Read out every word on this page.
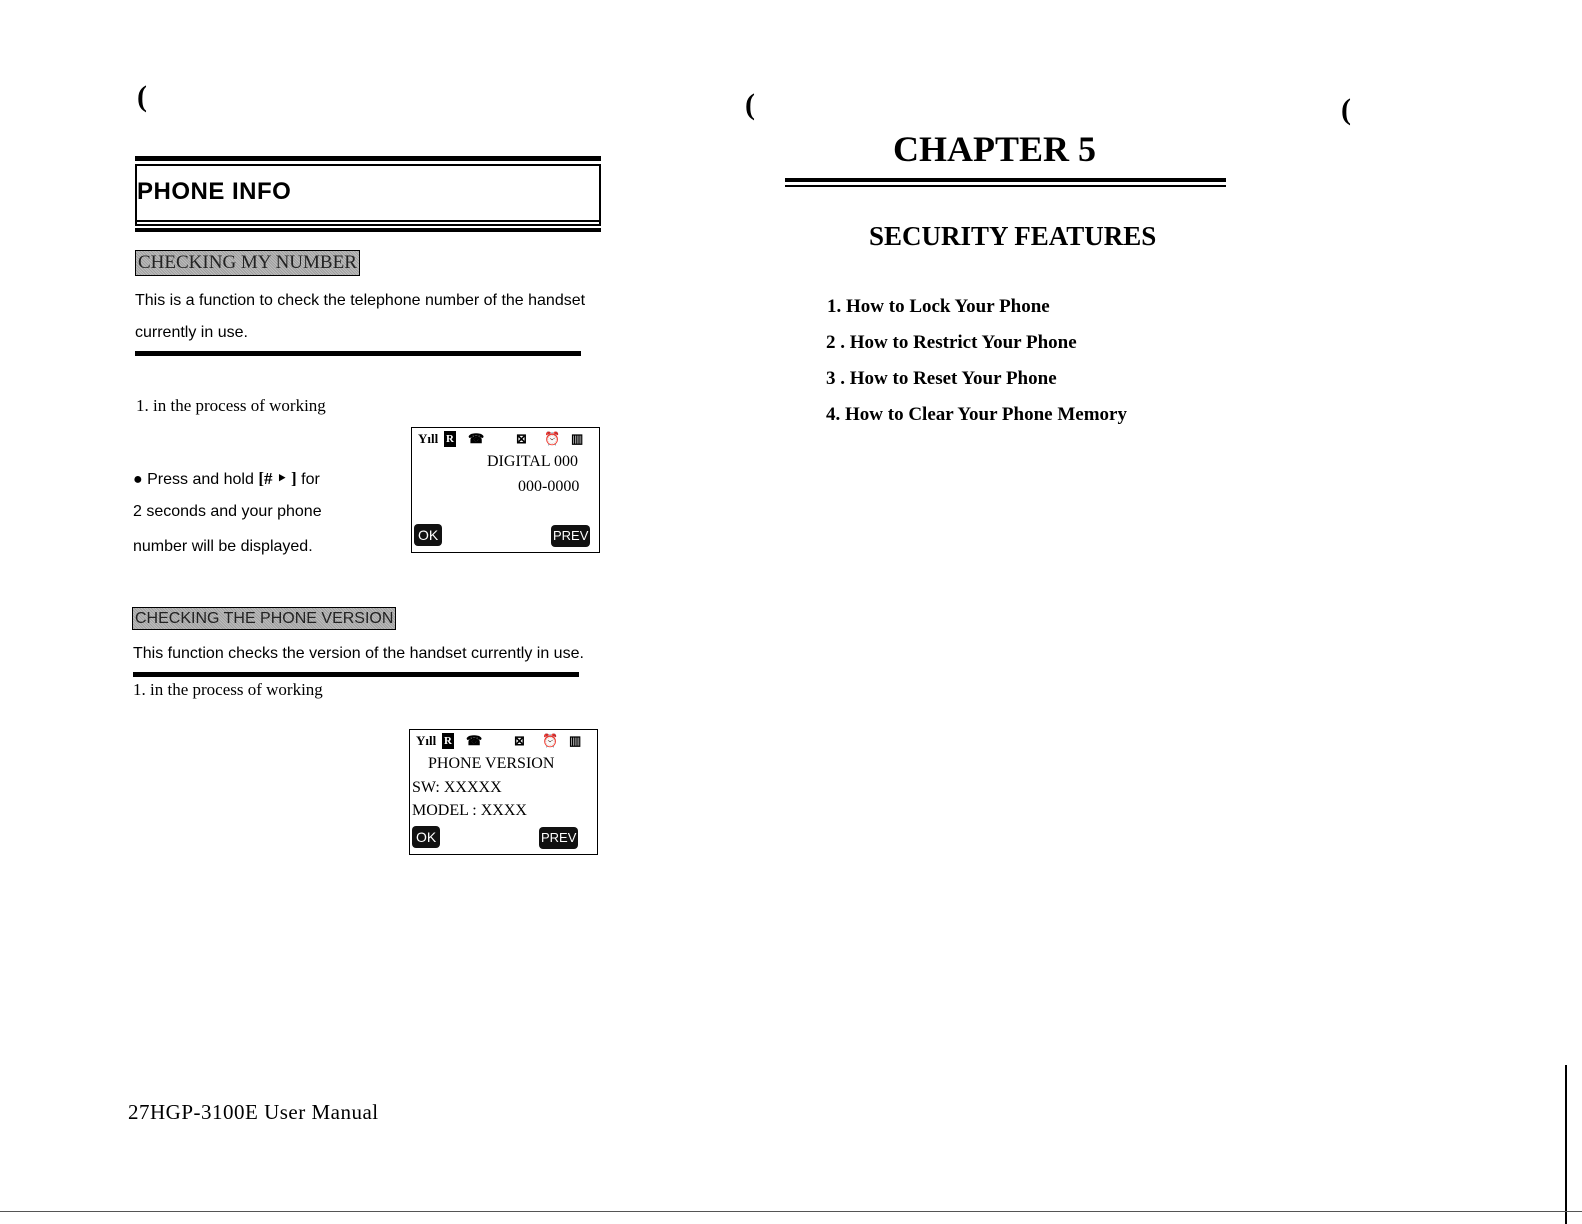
(	(	(
PHONE INFO
CHECKING MY NUMBER
This is a function to check the telephone number of the handset
currently in use.
1. in the process of working
● Press and hold [# ‣ ] for
2 seconds and your phone
number will be displayed.
Yıll R ☎ ⊠ ⏰ ▥
DIGITAL 000
000-0000
OK	PREV
CHECKING THE PHONE VERSION
This function checks the version of the handset currently in use.
1. in the process of working
Yıll R ☎ ⊠ ⏰ ▥
PHONE VERSION
SW: XXXXX
MODEL : XXXX
OK	PREV
27HGP-3100E User Manual
CHAPTER 5
SECURITY FEATURES
1. How to Lock Your Phone
2 . How to Restrict Your Phone
3 . How to Reset Your Phone
4. How to Clear Your Phone Memory
